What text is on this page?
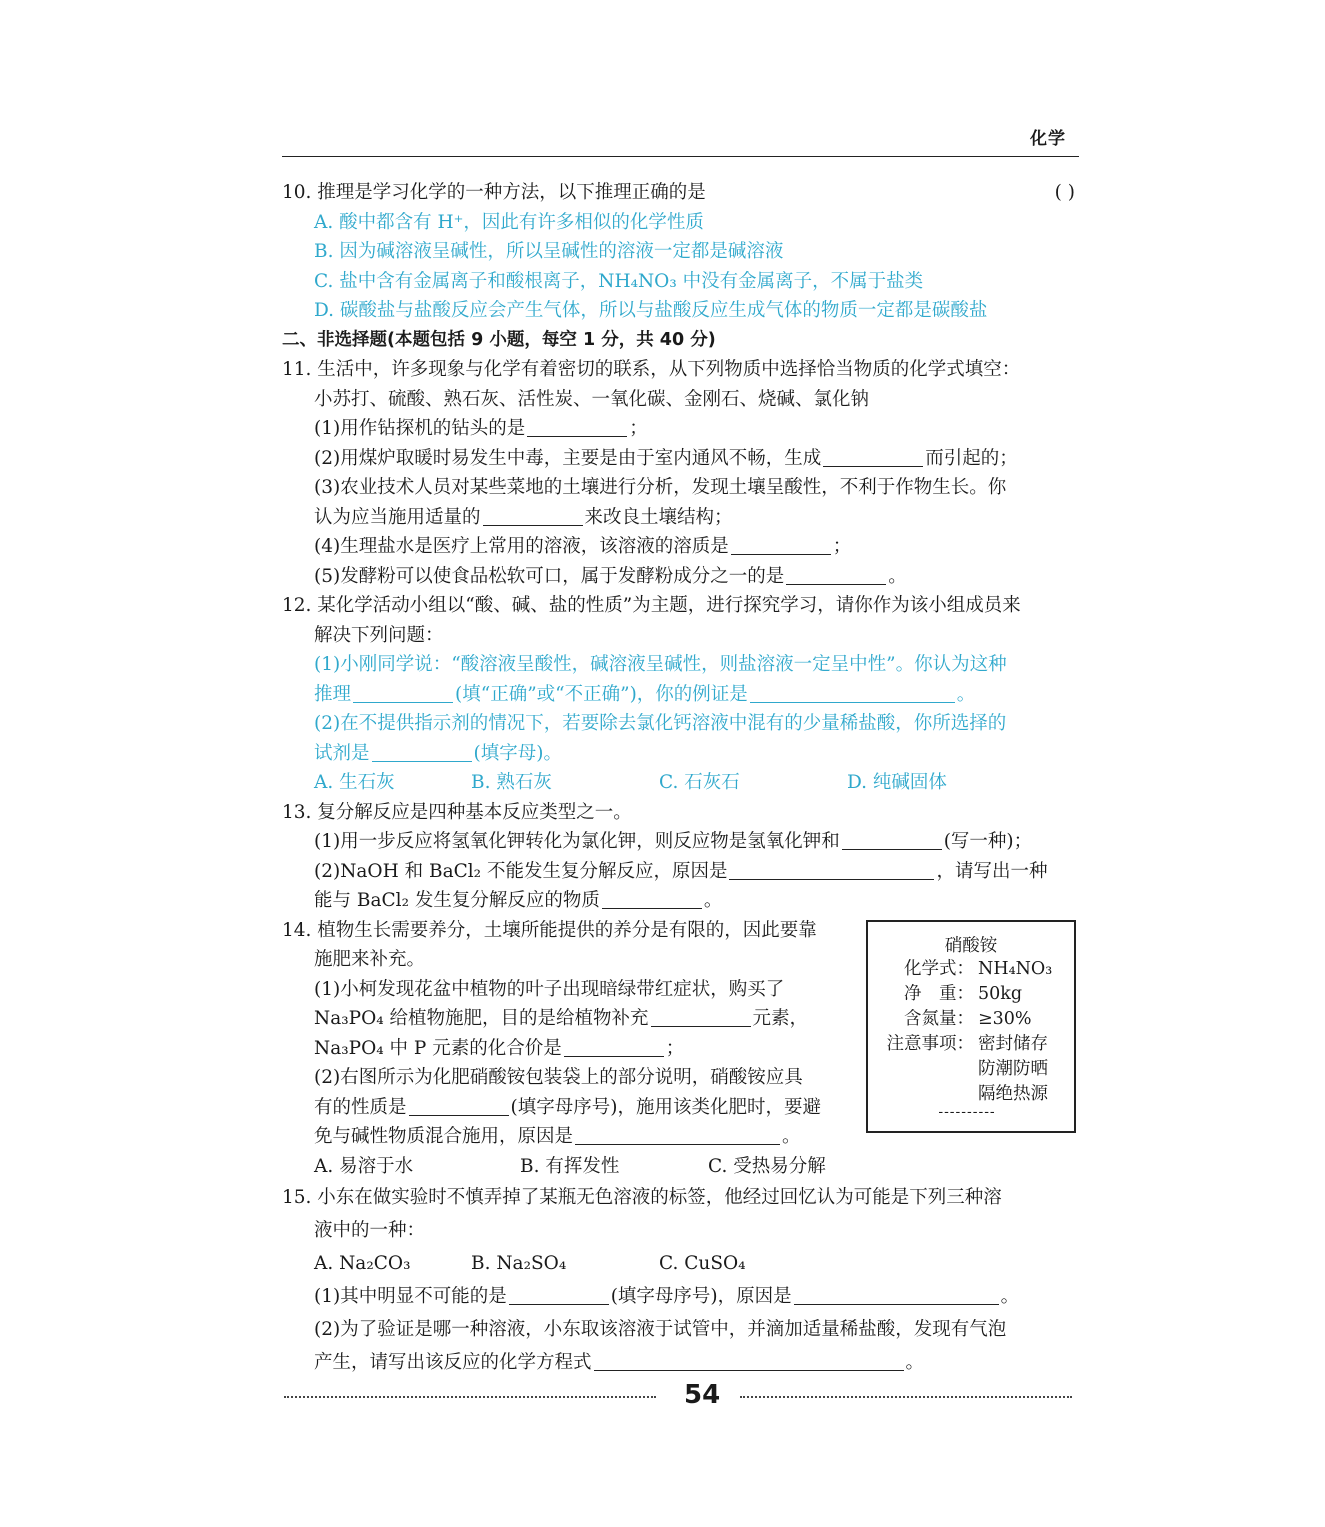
化学
10. 推理是学习化学的一种方法，以下推理正确的是	( )
A. 酸中都含有 H⁺，因此有许多相似的化学性质
B. 因为碱溶液呈碱性，所以呈碱性的溶液一定都是碱溶液
C. 盐中含有金属离子和酸根离子，NH₄NO₃ 中没有金属离子，不属于盐类
D. 碳酸盐与盐酸反应会产生气体，所以与盐酸反应生成气体的物质一定都是碳酸盐
二、非选择题(本题包括 9 小题，每空 1 分，共 40 分)
11. 生活中，许多现象与化学有着密切的联系，从下列物质中选择恰当物质的化学式填空：
小苏打、硫酸、熟石灰、活性炭、一氧化碳、金刚石、烧碱、氯化钠
(1)用作钻探机的钻头的是	；
(2)用煤炉取暖时易发生中毒，主要是由于室内通风不畅，生成	而引起的；
(3)农业技术人员对某些菜地的土壤进行分析，发现土壤呈酸性，不利于作物生长。你
认为应当施用适量的	来改良土壤结构；
(4)生理盐水是医疗上常用的溶液，该溶液的溶质是	；
(5)发酵粉可以使食品松软可口，属于发酵粉成分之一的是	。
12. 某化学活动小组以“酸、碱、盐的性质”为主题，进行探究学习，请你作为该小组成员来
解决下列问题：
(1)小刚同学说：“酸溶液呈酸性，碱溶液呈碱性，则盐溶液一定呈中性”。你认为这种
推理	(填“正确”或“不正确”)，你的例证是	。
(2)在不提供指示剂的情况下，若要除去氯化钙溶液中混有的少量稀盐酸，你所选择的
试剂是	(填字母)。
A. 生石灰	B. 熟石灰	C. 石灰石	D. 纯碱固体
13. 复分解反应是四种基本反应类型之一。
(1)用一步反应将氢氧化钾转化为氯化钾，则反应物是氢氧化钾和	(写一种)；
(2)NaOH 和 BaCl₂ 不能发生复分解反应，原因是	，请写出一种
能与 BaCl₂ 发生复分解反应的物质	。
14. 植物生长需要养分，土壤所能提供的养分是有限的，因此要靠
施肥来补充。
(1)小柯发现花盆中植物的叶子出现暗绿带红症状，购买了
Na₃PO₄ 给植物施肥，目的是给植物补充	元素，
Na₃PO₄ 中 P 元素的化合价是	；
(2)右图所示为化肥硝酸铵包装袋上的部分说明，硝酸铵应具
有的性质是	(填字母序号)，施用该类化肥时，要避
免与碱性物质混合施用，原因是	。
A. 易溶于水	B. 有挥发性	C. 受热易分解
15. 小东在做实验时不慎弄掉了某瓶无色溶液的标签，他经过回忆认为可能是下列三种溶
液中的一种：
A. Na₂CO₃	B. Na₂SO₄	C. CuSO₄
(1)其中明显不可能的是	(填字母序号)，原因是	。
(2)为了验证是哪一种溶液，小东取该溶液于试管中，并滴加适量稀盐酸，发现有气泡
产生，请写出该反应的化学方程式	。
硝酸铵
化学式： NH₄NO₃
净　重： 50kg
含氮量： ≥30%
注意事项： 密封储存
防潮防晒
隔绝热源
----------
54
